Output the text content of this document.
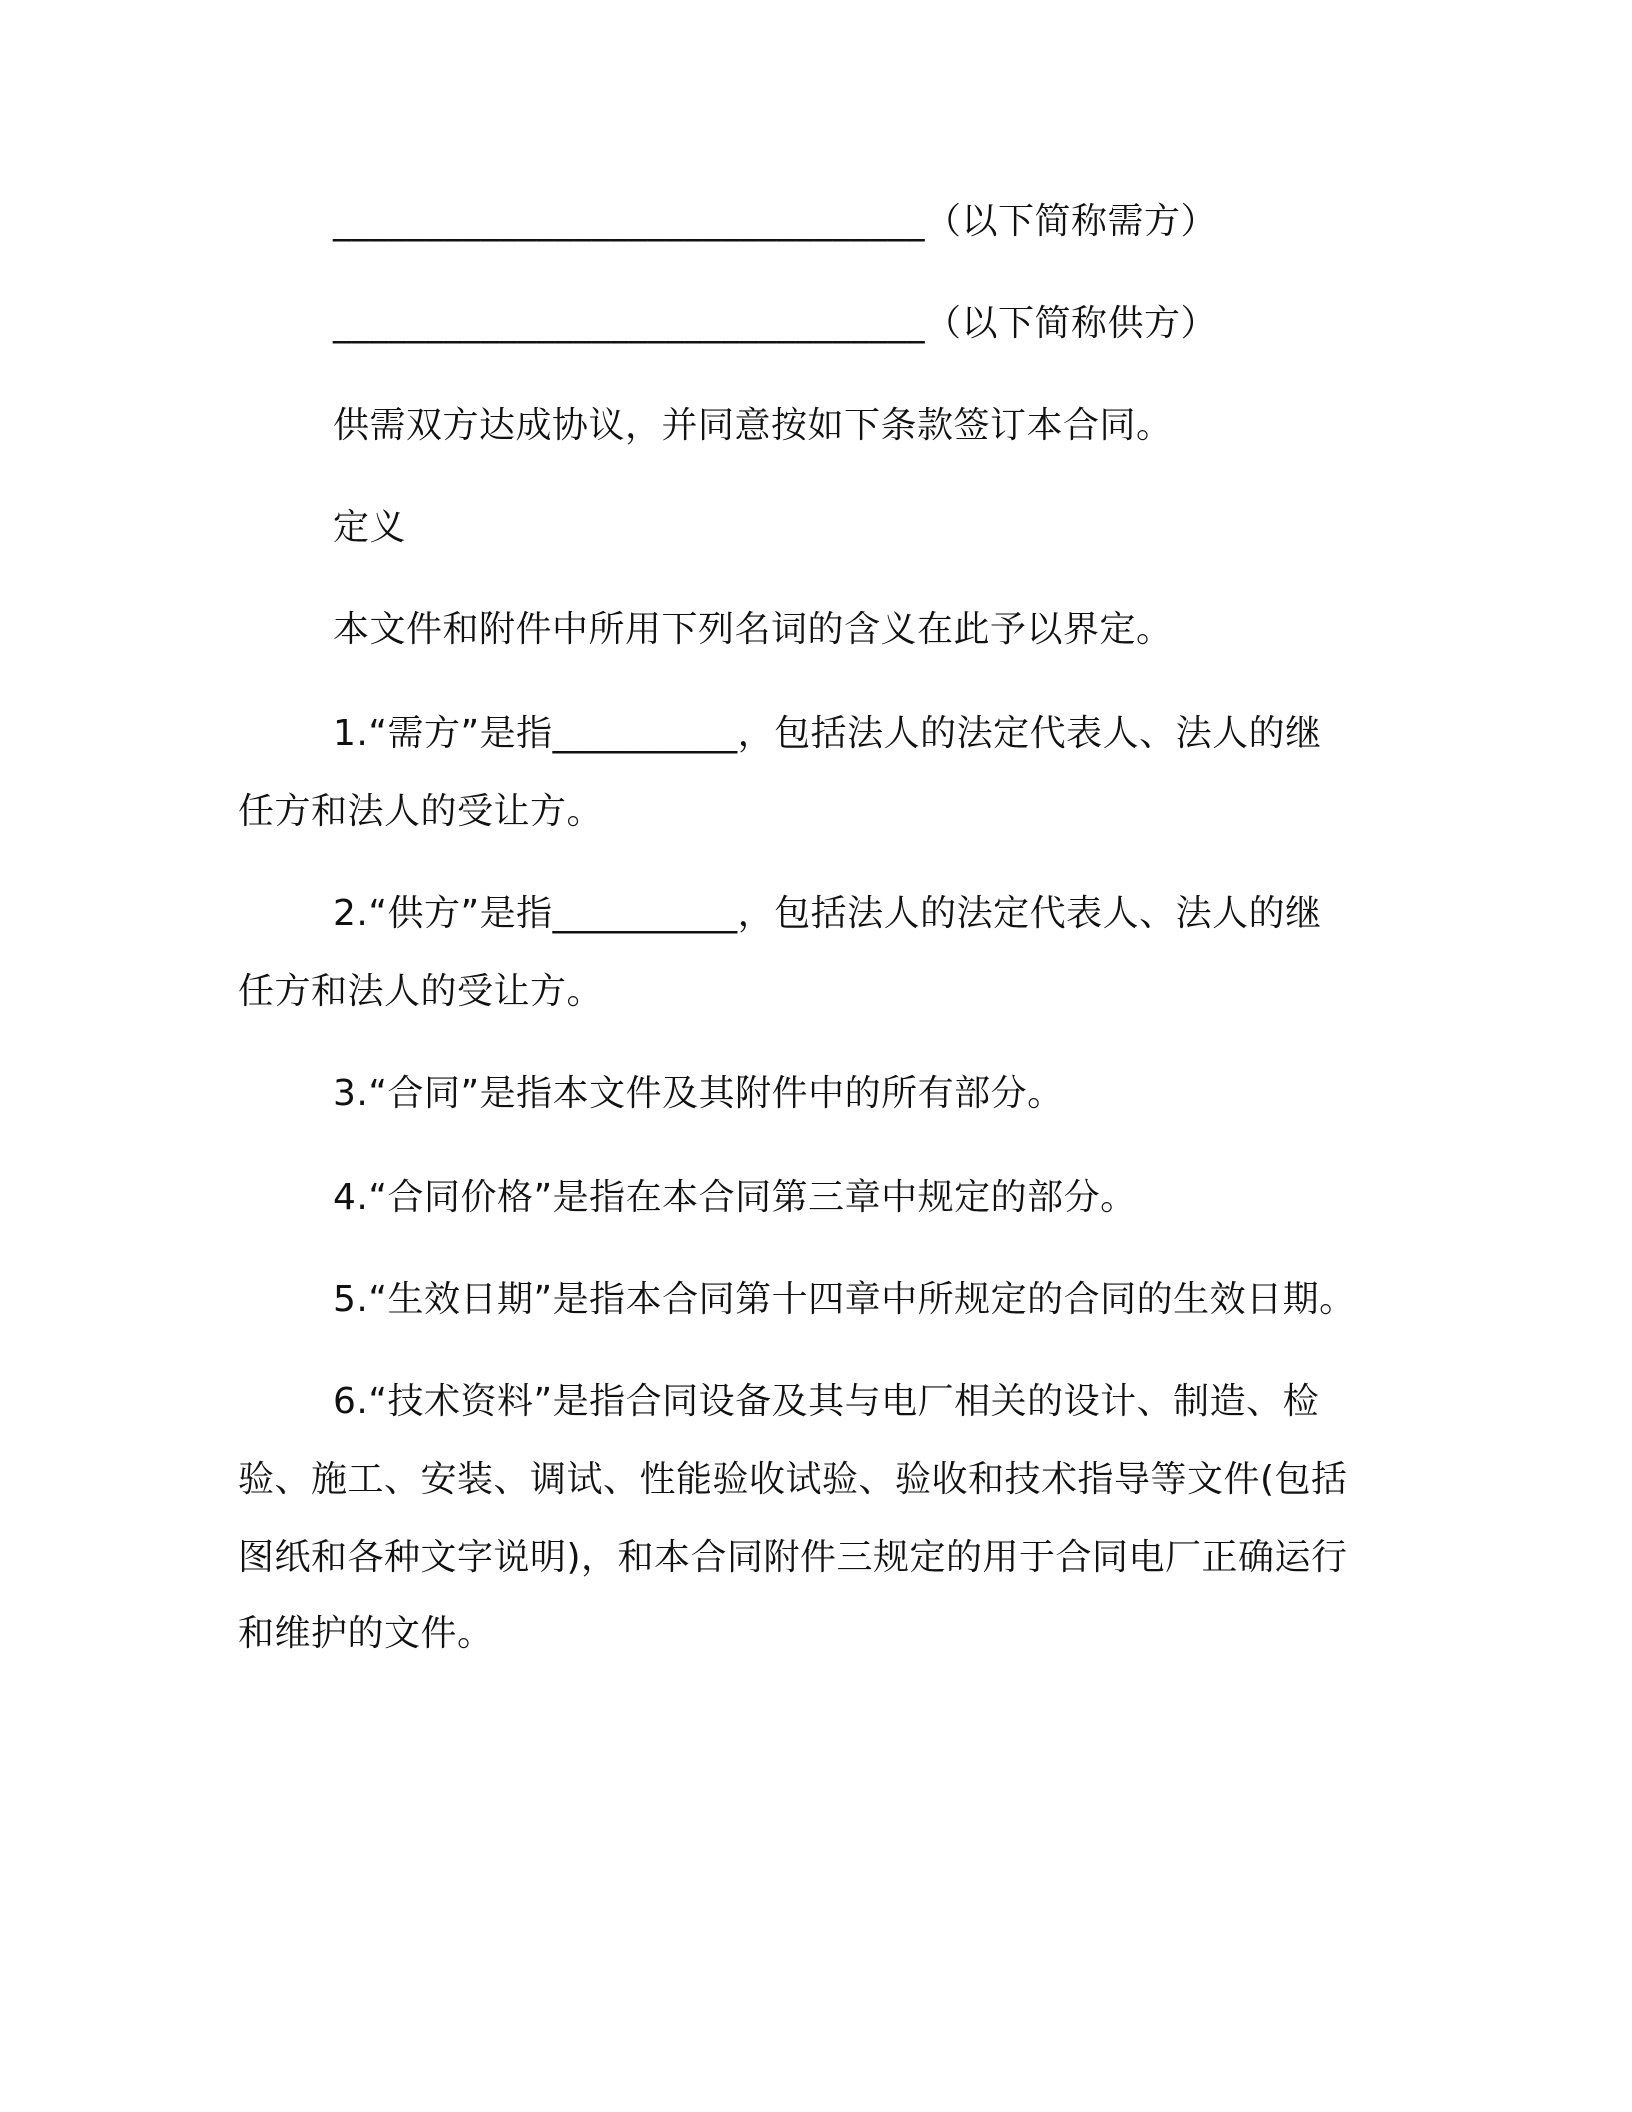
________________________________（以下简称需方）
________________________________（以下简称供方）
供需双方达成协议，并同意按如下条款签订本合同。
定义
本文件和附件中所用下列名词的含义在此予以界定。
1.“需方”是指__________，包括法人的法定代表人、法人的继
任方和法人的受让方。
2.“供方”是指__________，包括法人的法定代表人、法人的继
任方和法人的受让方。
3.“合同”是指本文件及其附件中的所有部分。
4.“合同价格”是指在本合同第三章中规定的部分。
5.“生效日期”是指本合同第十四章中所规定的合同的生效日期。
6.“技术资料”是指合同设备及其与电厂相关的设计、制造、检
验、施工、安装、调试、性能验收试验、验收和技术指导等文件(包括
图纸和各种文字说明)，和本合同附件三规定的用于合同电厂正确运行
和维护的文件。
